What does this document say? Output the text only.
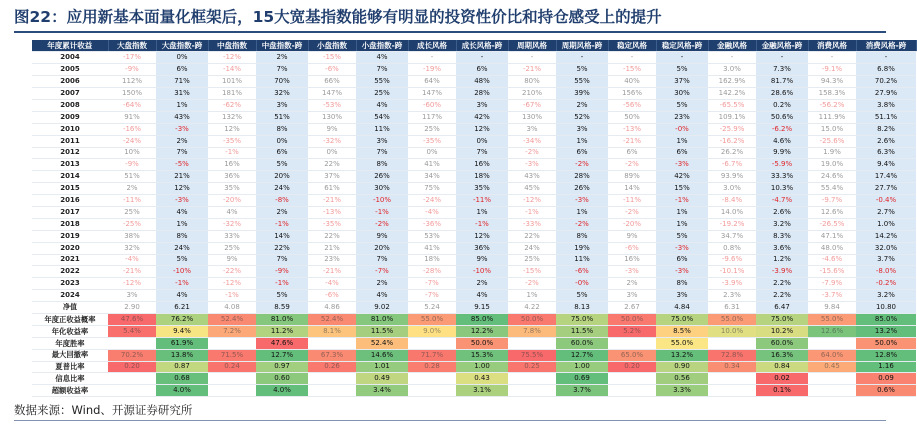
图22：应用新基本面量化框架后，15大宽基指数能够有明显的投资性价比和持仓感受上的提升
年度累计收益	大盘指数	大盘指数-跨	中盘指数	中盘指数-跨	小盘指数	小盘指数-跨	成长风格	成长风格-跨	周期风格	周期风格-跨	稳定风格	稳定风格-跨	金融风格	金融风格-跨	消费风格	消费风格-跨
2004	-17%	0%	-12%	2%	-15%	4%	-	-	-	-	-	-	-	-	-	-
2005	-9%	6%	-14%	7%	-6%	7%	-19%	6%	-21%	5%	-15%	5%	3.0%	7.3%	-9.1%	6.8%
2006	112%	71%	101%	70%	66%	55%	64%	48%	80%	55%	40%	37%	162.9%	81.7%	94.3%	70.2%
2007	150%	31%	181%	32%	147%	25%	147%	28%	210%	39%	156%	30%	142.2%	28.6%	158.3%	27.9%
2008	-64%	1%	-62%	3%	-53%	4%	-60%	3%	-67%	2%	-56%	5%	-65.5%	0.2%	-56.2%	3.8%
2009	91%	43%	132%	51%	130%	54%	117%	42%	130%	52%	50%	23%	109.1%	50.6%	111.9%	51.1%
2010	-16%	-3%	12%	8%	9%	11%	25%	12%	3%	3%	-13%	-0%	-25.9%	-6.2%	15.0%	8.2%
2011	-24%	2%	-35%	0%	-32%	3%	-35%	0%	-34%	1%	-21%	1%	-16.2%	4.6%	-25.6%	2.6%
2012	10%	7%	-1%	6%	0%	7%	0%	7%	-2%	6%	6%	6%	26.2%	9.9%	1.9%	6.3%
2013	-9%	-5%	16%	5%	22%	8%	41%	16%	-3%	-2%	-2%	-3%	-6.7%	-5.9%	19.0%	9.4%
2014	51%	21%	36%	20%	37%	26%	34%	18%	43%	28%	89%	42%	93.9%	33.3%	24.6%	17.4%
2015	2%	12%	35%	24%	61%	30%	75%	35%	45%	26%	14%	15%	3.0%	10.3%	55.4%	27.7%
2016	-11%	-3%	-20%	-8%	-21%	-10%	-24%	-11%	-12%	-3%	-11%	-1%	-8.4%	-4.7%	-9.7%	-0.4%
2017	25%	4%	4%	2%	-13%	-1%	-4%	1%	-1%	1%	-2%	1%	14.0%	2.6%	12.6%	2.7%
2018	-25%	1%	-32%	-1%	-35%	-2%	-36%	-1%	-33%	-2%	-20%	1%	-19.2%	3.2%	-26.5%	1.0%
2019	38%	8%	33%	14%	22%	9%	53%	12%	22%	8%	9%	5%	34.7%	8.3%	47.1%	14.2%
2020	32%	24%	25%	22%	21%	20%	41%	36%	24%	19%	-6%	-3%	0.8%	3.6%	48.0%	32.0%
2021	-4%	5%	9%	7%	23%	7%	18%	9%	25%	11%	16%	6%	-9.6%	1.2%	-4.6%	3.7%
2022	-21%	-10%	-22%	-9%	-21%	-7%	-28%	-10%	-15%	-6%	-3%	-3%	-10.1%	-3.9%	-15.6%	-8.0%
2023	-12%	-1%	-12%	-1%	-4%	2%	-7%	2%	-2%	-0%	2%	8%	-3.9%	2.2%	-7.9%	-0.2%
2024	3%	4%	-1%	5%	-6%	4%	-7%	4%	1%	5%	3%	3%	2.3%	2.2%	-3.7%	3.2%
净值	2.90	6.21	4.08	8.59	4.86	9.02	5.24	9.15	4.22	8.13	2.67	4.84	6.31	6.47	9.84	10.80
年度正收益概率	47.6%	76.2%	52.4%	81.0%	52.4%	81.0%	55.0%	85.0%	50.0%	75.0%	50.0%	75.0%	55.0%	75.0%	55.0%	85.0%
年化收益率	5.4%	9.4%	7.2%	11.2%	8.1%	11.5%	9.0%	12.2%	7.8%	11.5%	5.2%	8.5%	10.0%	10.2%	12.6%	13.2%
年度胜率		61.9%		47.6%		52.4%		50.0%		60.0%		55.0%		60.0%		50.0%
最大回撤率	70.2%	13.8%	71.5%	12.7%	67.3%	14.6%	71.7%	15.3%	75.5%	12.7%	65.0%	13.2%	72.8%	16.3%	64.0%	12.8%
夏普比率	0.20	0.87	0.24	0.97	0.26	1.01	0.28	1.00	0.25	1.00	0.20	0.90	0.34	0.84	0.45	1.16
信息比率		0.68		0.60		0.49		0.43		0.69		0.56		0.02		0.09
超额收益率		4.0%		4.0%		3.4%		3.1%		3.7%		3.3%		0.1%		0.6%
数据来源：Wind、开源证券研究所
